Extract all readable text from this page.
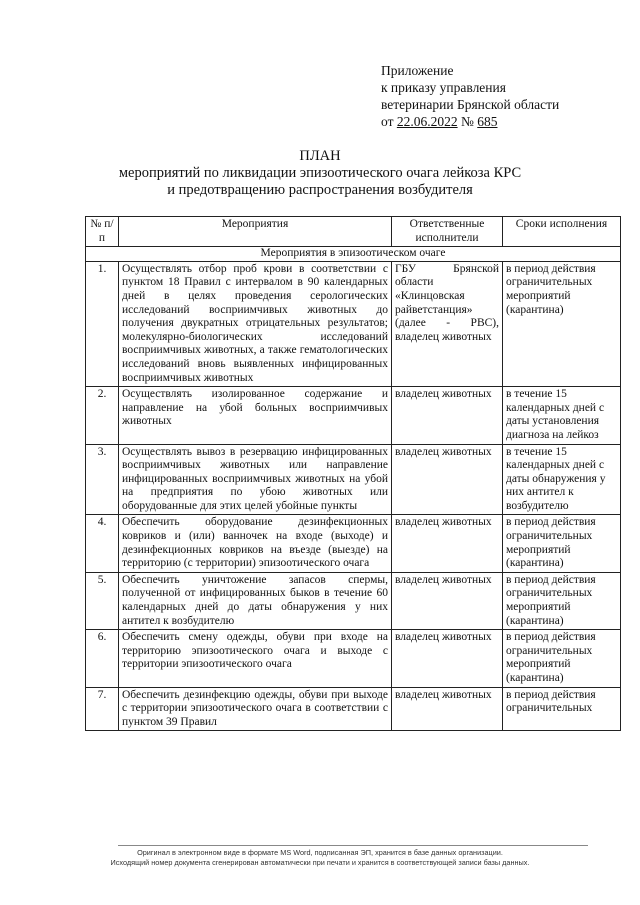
Приложение
к приказу управления
ветеринарии Брянской области
от 22.06.2022 № 685
ПЛАН
мероприятий по ликвидации эпизоотического очага лейкоза КРС
и предотвращению распространения возбудителя
№ п/п	Мероприятия	Ответственные исполнители	Сроки исполнения
Мероприятия в эпизоотическом очаге			
1.	Осуществлять отбор проб крови в соответствии с пунктом 18 Правил с интервалом в 90 календарных дней в целях проведения серологических исследований восприимчивых животных до получения двукратных отрицательных результатов; молекулярно-биологических исследований восприимчивых животных, а также гематологических исследований вновь выявленных инфицированных восприимчивых животных	ГБУ Брянской области «Клинцовская райветстанция» (далее - РВС), владелец животных	в период действия ограничительных мероприятий (карантина)
2.	Осуществлять изолированное содержание и направление на убой больных восприимчивых животных	владелец животных	в течение 15 календарных дней с даты установления диагноза на лейкоз
3.	Осуществлять вывоз в резервацию инфицированных восприимчивых животных или направление инфицированных восприимчивых животных на убой на предприятия по убою животных или оборудованные для этих целей убойные пункты	владелец животных	в течение 15 календарных дней с даты обнаружения у них антител к возбудителю
4.	Обеспечить оборудование дезинфекционных ковриков и (или) ванночек на входе (выходе) и дезинфекционных ковриков на въезде (выезде) на территорию (с территории) эпизоотического очага	владелец животных	в период действия ограничительных мероприятий (карантина)
5.	Обеспечить уничтожение запасов спермы, полученной от инфицированных быков в течение 60 календарных дней до даты обнаружения у них антител к возбудителю	владелец животных	в период действия ограничительных мероприятий (карантина)
6.	Обеспечить смену одежды, обуви при входе на территорию эпизоотического очага и выходе с территории эпизоотического очага	владелец животных	в период действия ограничительных мероприятий (карантина)
7.	Обеспечить дезинфекцию одежды, обуви при выходе с территории эпизоотического очага в соответствии с пунктом 39 Правил	владелец животных	в период действия ограничительных
Оригинал в электронном виде в формате MS Word, подписанная ЭП, хранится в базе данных организации.
Исходящий номер документа сгенерирован автоматически при печати и хранится в соответствующей записи базы данных.
